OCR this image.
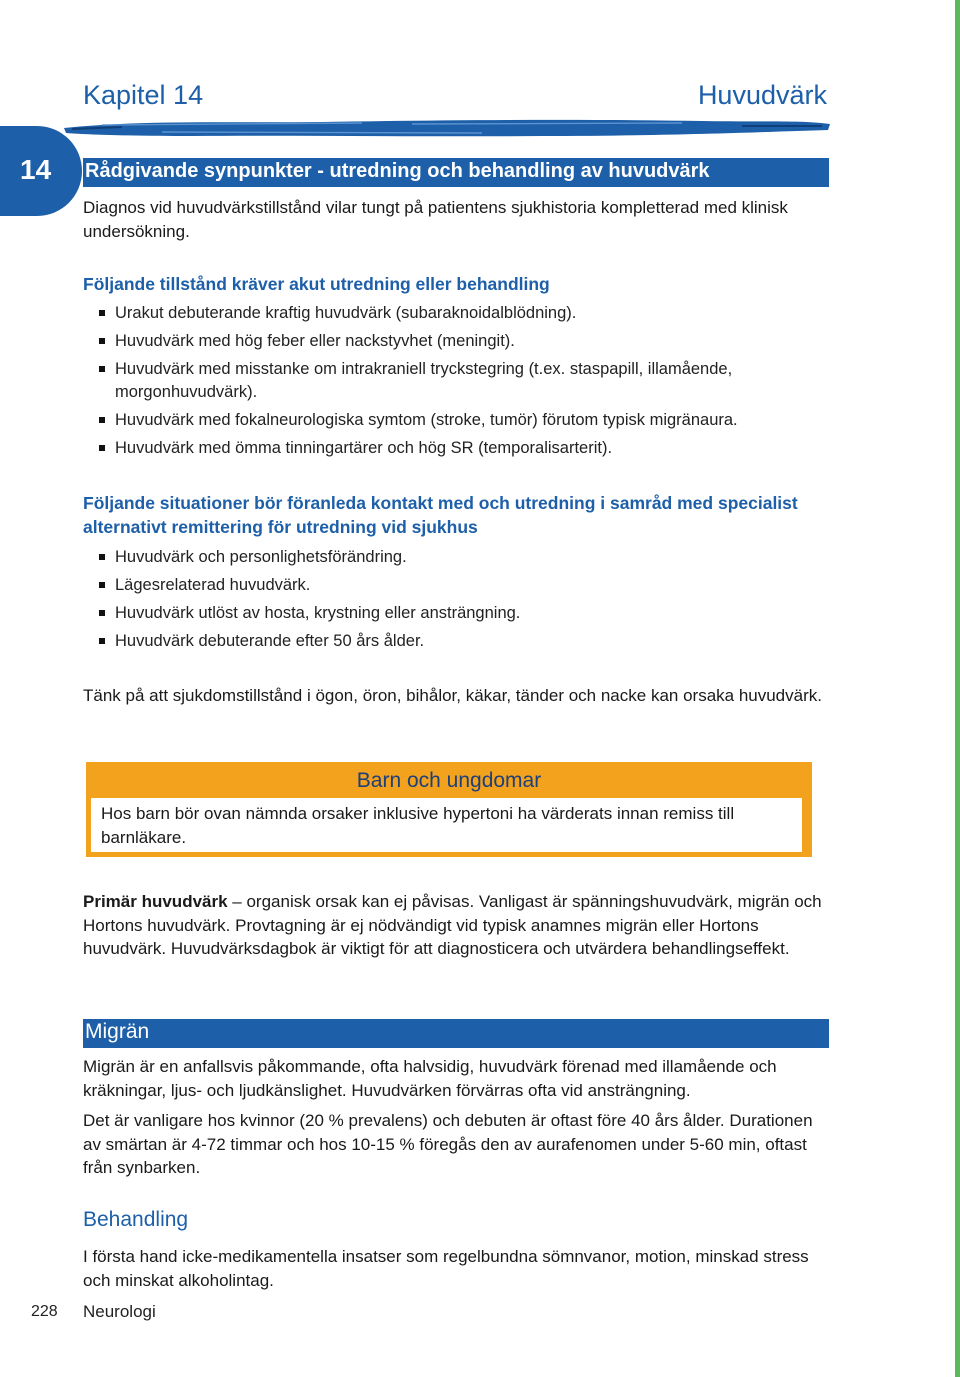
Kapitel 14	Huvudvärk
14 Rådgivande synpunkter - utredning och behandling av huvudvärk
Diagnos vid huvudvärkstillstånd vilar tungt på patientens sjukhistoria kompletterad med klinisk undersökning.
Följande tillstånd kräver akut utredning eller behandling
Urakut debuterande kraftig huvudvärk (subaraknoidalblödning).
Huvudvärk med hög feber eller nackstyvhet (meningit).
Huvudvärk med misstanke om intrakraniell tryckstegring (t.ex. staspapill, illamående, morgonhuvudvärk).
Huvudvärk med fokalneurologiska symtom (stroke, tumör) förutom typisk migränaura.
Huvudvärk med ömma tinningartärer och hög SR (temporalisarterit).
Följande situationer bör föranleda kontakt med och utredning i samråd med specialist alternativt remittering för utredning vid sjukhus
Huvudvärk och personlighetsförändring.
Lägesrelaterad huvudvärk.
Huvudvärk utlöst av hosta, krystning eller ansträngning.
Huvudvärk debuterande efter 50 års ålder.
Tänk på att sjukdomstillstånd i ögon, öron, bihålor, käkar, tänder och nacke kan orsaka huvudvärk.
Barn och ungdomar
Hos barn bör ovan nämnda orsaker inklusive hypertoni ha värderats innan remiss till barnläkare.
Primär huvudvärk – organisk orsak kan ej påvisas. Vanligast är spänningshuvudvärk, migrän och Hortons huvudvärk. Provtagning är ej nödvändigt vid typisk anamnes migrän eller Hortons huvudvärk. Huvudvärksdagbok är viktigt för att diagnosticera och utvärdera behandlingseffekt.
Migrän
Migrän är en anfallsvis påkommande, ofta halvsidig, huvudvärk förenad med illamående och kräkningar, ljus- och ljudkänslighet. Huvudvärken förvärras ofta vid ansträngning.
Det är vanligare hos kvinnor (20 % prevalens) och debuten är oftast före 40 års ålder. Durationen av smärtan är 4-72 timmar och hos 10-15 % föregås den av aurafenomen under 5-60 min, oftast från synbarken.
Behandling
I första hand icke-medikamentella insatser som regelbundna sömnvanor, motion, minskad stress och minskat alkoholintag.
228 Neurologi
